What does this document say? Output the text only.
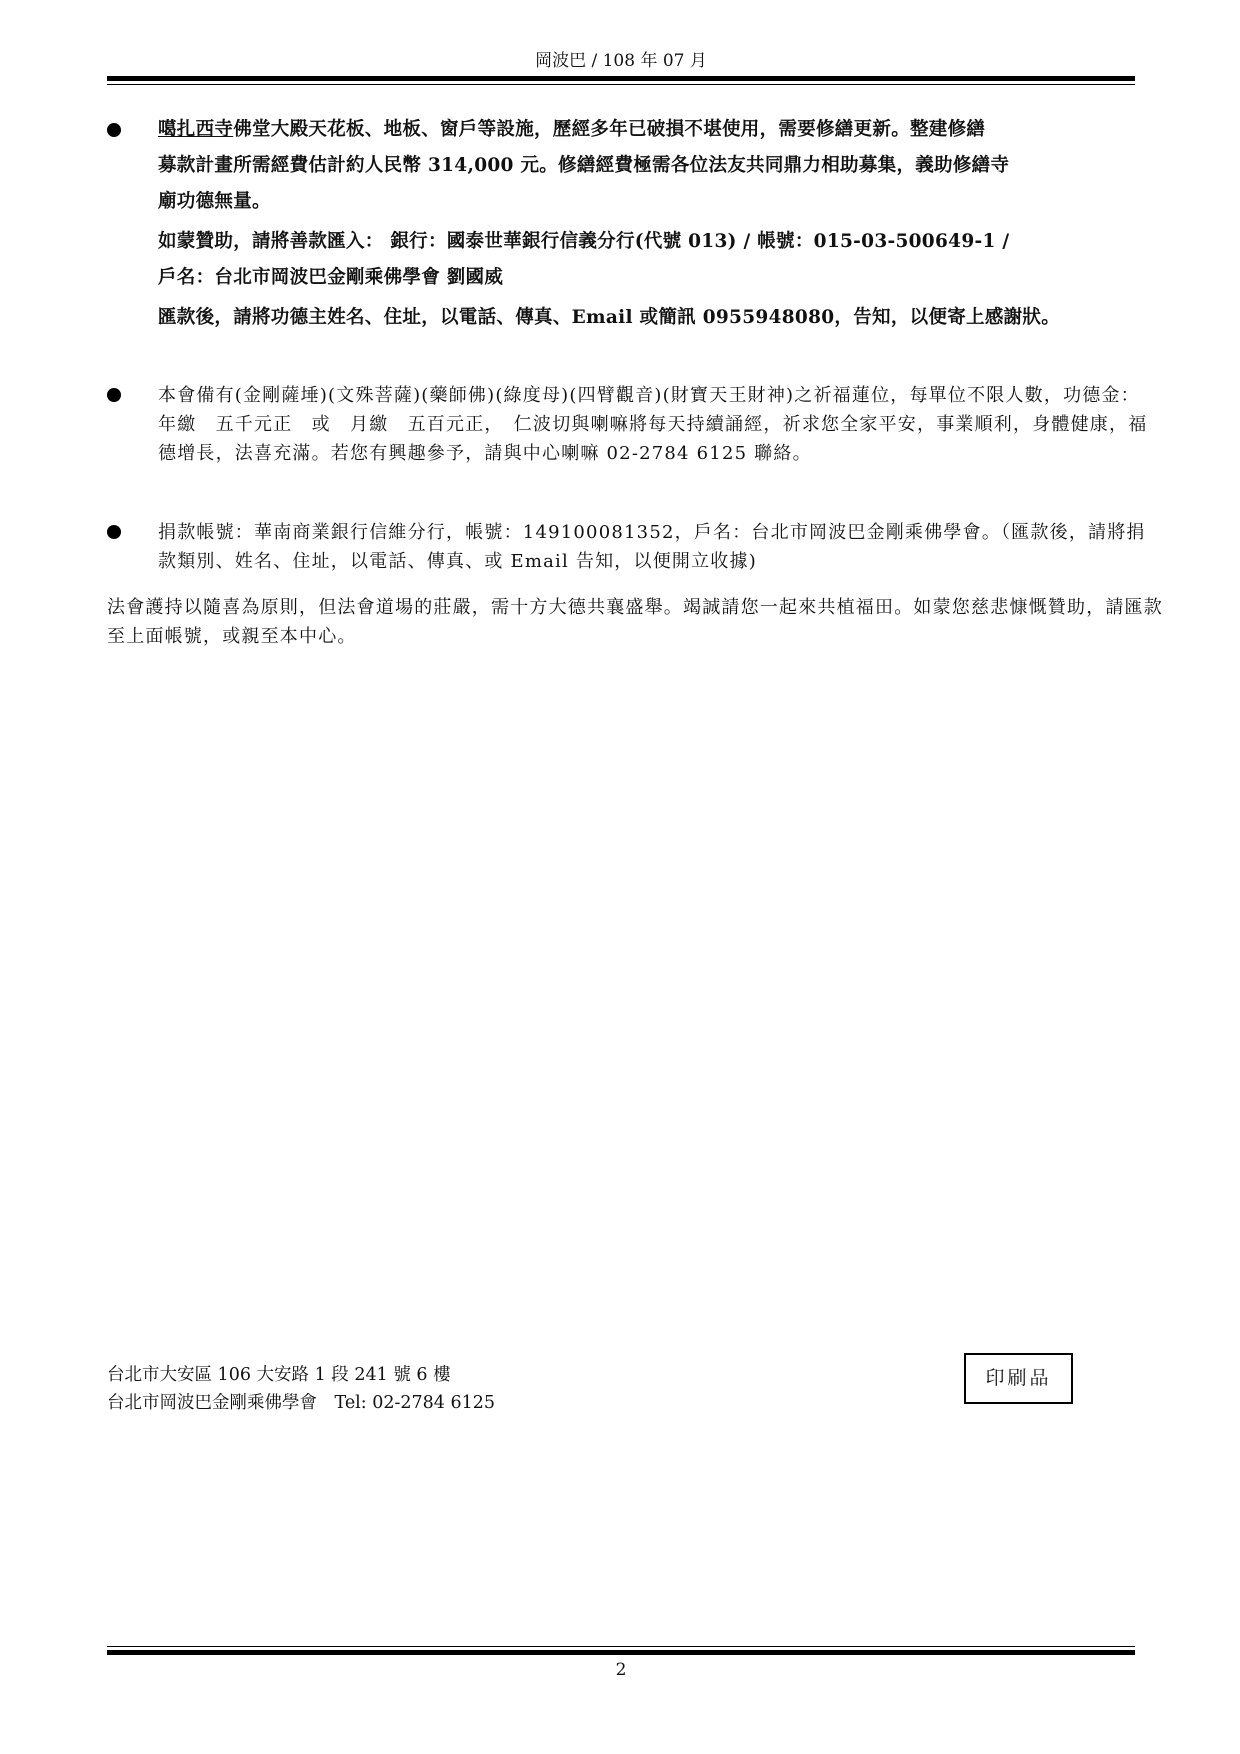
岡波巴 / 108 年 07 月
噶扎西寺佛堂大殿天花板、地板、窗戶等設施，歷經多年已破損不堪使用，需要修繕更新。整建修繕
募款計畫所需經費估計約人民幣 314,000 元。修繕經費極需各位法友共同鼎力相助募集，義助修繕寺
廟功德無量。
如蒙贊助，請將善款匯入： 銀行：國泰世華銀行信義分行(代號 013) / 帳號：015-03-500649-1 /
戶名：台北市岡波巴金剛乘佛學會 劉國威
匯款後，請將功德主姓名、住址，以電話、傳真、Email 或簡訊 0955948080，告知，以便寄上感謝狀。
本會備有(金剛薩埵)(文殊菩薩)(藥師佛)(綠度母)(四臂觀音)(財寶天王財神)之祈福蓮位，每單位不限人數，功德金：年繳　五千元正　或　月繳　五百元正，　仁波切與喇嘛將每天持續誦經，祈求您全家平安，事業順利，身體健康，福德增長，法喜充滿。若您有興趣參予，請與中心喇嘛 02-2784 6125 聯絡。
捐款帳號：華南商業銀行信維分行，帳號：149100081352，戶名：台北市岡波巴金剛乘佛學會。（匯款後，請將捐款類別、姓名、住址，以電話、傳真、或 Email 告知，以便開立收據)
法會護持以隨喜為原則，但法會道場的莊嚴，需十方大德共襄盛舉。竭誠請您一起來共植福田。如蒙您慈悲慷慨贊助，請匯款至上面帳號，或親至本中心。
台北市大安區 106 大安路 1 段 241 號 6 樓
台北市岡波巴金剛乘佛學會　Tel: 02-2784 6125
印刷品
2
